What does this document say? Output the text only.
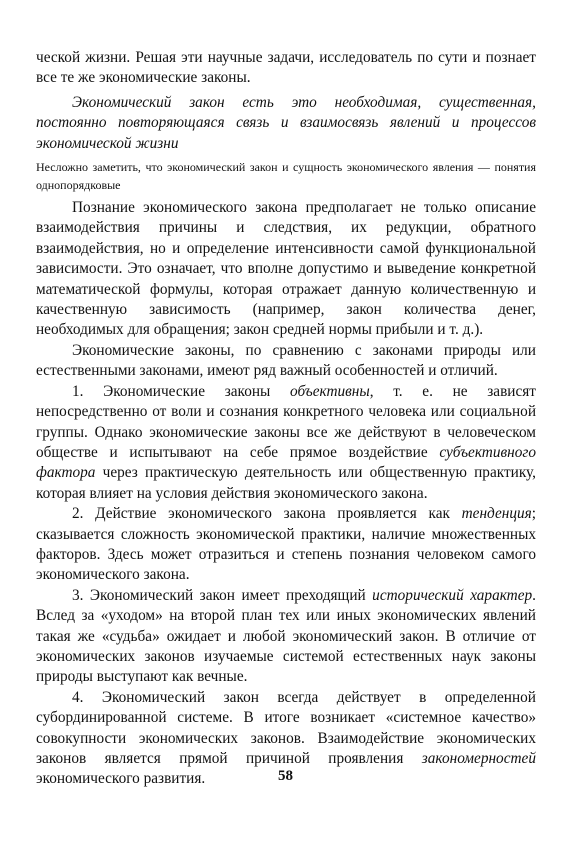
ческой жизни. Решая эти научные задачи, исследователь по сути и познает все те же экономические законы.

Экономический закон есть это необходимая, существенная, постоянно повторяющаяся связь и взаимосвязь явлений и процессов экономической жизни

Несложно заметить, что экономический закон и сущность экономического явления — понятия однопорядковые

Познание экономического закона предполагает не только описание взаимодействия причины и следствия, их редукции, обратного взаимодействия, но и определение интенсивности самой функциональной зависимости. Это означает, что вполне допустимо и выведение конкретной математической формулы, которая отражает данную количественную и качественную зависимость (например, закон количества денег, необходимых для обращения; закон средней нормы прибыли и т. д.).

Экономические законы, по сравнению с законами природы или естественными законами, имеют ряд важный особенностей и отличий.

1. Экономические законы объективны, т. е. не зависят непосредственно от воли и сознания конкретного человека или социальной группы. Однако экономические законы все же действуют в человеческом обществе и испытывают на себе прямое воздействие субъективного фактора через практическую деятельность или общественную практику, которая влияет на условия действия экономического закона.

2. Действие экономического закона проявляется как тенденция; сказывается сложность экономической практики, наличие множественных факторов. Здесь может отразиться и степень познания человеком самого экономического закона.

3. Экономический закон имеет преходящий исторический характер. Вслед за «уходом» на второй план тех или иных экономических явлений такая же «судьба» ожидает и любой экономический закон. В отличие от экономических законов изучаемые системой естественных наук законы природы выступают как вечные.

4. Экономический закон всегда действует в определенной субординированной системе. В итоге возникает «системное качество» совокупности экономических законов. Взаимодействие экономических законов является прямой причиной проявления закономерностей экономического развития.	58
